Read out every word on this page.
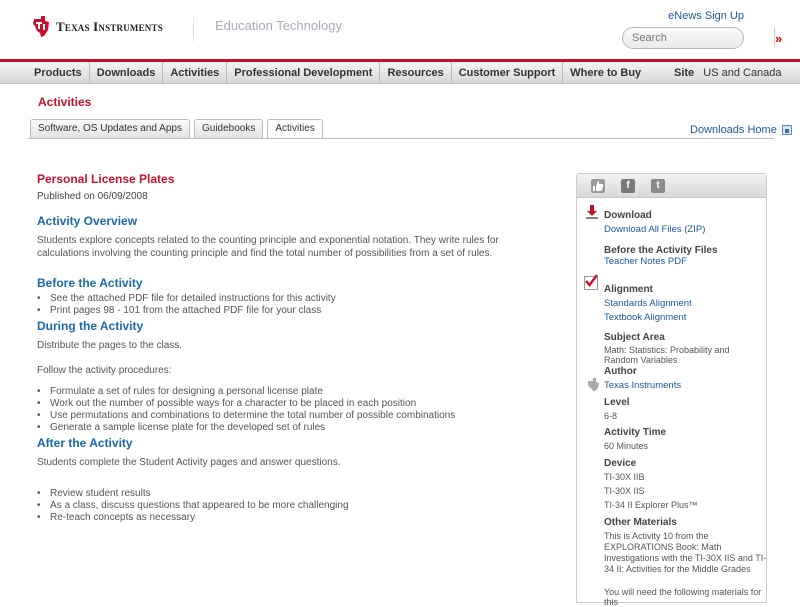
Texas Instruments	Education Technology
eNews Sign Up
Search
»
Products	Downloads	Activities	Professional Development	Resources	Customer Support	Where to Buy	Site US and Canada
Activities
Software, OS Updates and Apps	Guidebooks	Activities	Downloads Home
Personal License Plates
Published on 06/09/2008
Activity Overview
Students explore concepts related to the counting principle and exponential notation. They write rules for calculations involving the counting principle and find the total number of possibilities from a set of rules.
Before the Activity
• See the attached PDF file for detailed instructions for this activity
• Print pages 98 - 101 from the attached PDF file for your class
During the Activity
Distribute the pages to the class.
Follow the activity procedures:
• Formulate a set of rules for designing a personal license plate
• Work out the number of possible ways for a character to be placed in each position
• Use permutations and combinations to determine the total number of possible combinations
• Generate a sample license plate for the developed set of rules
After the Activity
Students complete the Student Activity pages and answer questions.
• Review student results
• As a class, discuss questions that appeared to be more challenging
• Re-teach concepts as necessary
f	t
Download
Download All Files (ZIP)
Before the Activity Files
Teacher Notes PDF
Alignment
Standards Alignment
Textbook Alignment
Subject Area
Math: Statistics: Probability and Random Variables
Author
Texas Instruments
Level
6-8
Activity Time
60 Minutes
Device
TI-30X IIB
TI-30X IIS
TI-34 II Explorer Plus™
Other Materials
This is Activity 10 from the EXPLORATIONS Book: Math Investigations with the TI-30X IIS and TI-34 II: Activities for the Middle Grades
You will need the following materials for this
